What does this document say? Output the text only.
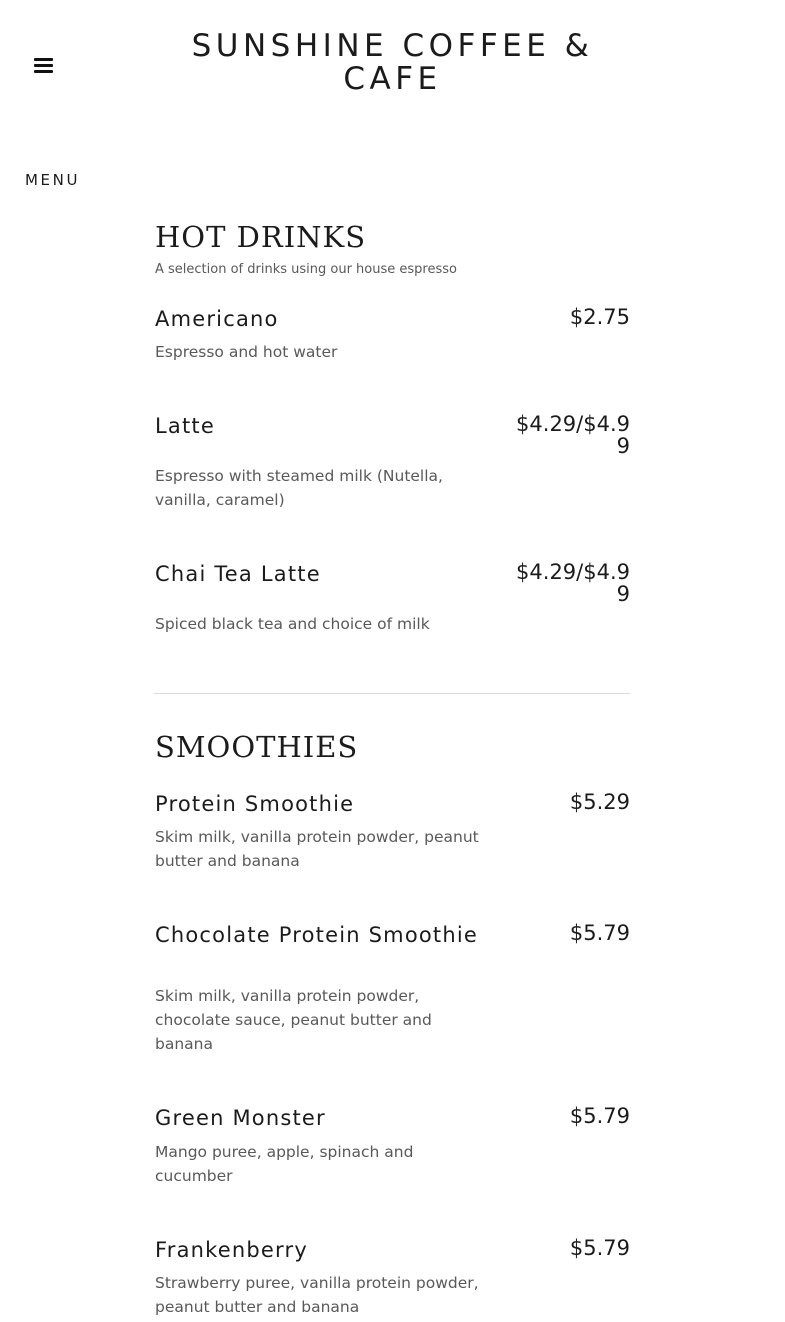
SUNSHINE COFFEE & CAFE
MENU
HOT DRINKS
A selection of drinks using our house espresso
Americano	$2.75
Espresso and hot water
Latte	$4.29/$4.99
Espresso with steamed milk (Nutella, vanilla, caramel)
Chai Tea Latte	$4.29/$4.99
Spiced black tea and choice of milk
SMOOTHIES
Protein Smoothie	$5.29
Skim milk, vanilla protein powder, peanut butter and banana
Chocolate Protein Smoothie	$5.79
Skim milk, vanilla protein powder, chocolate sauce, peanut butter and banana
Green Monster	$5.79
Mango puree, apple, spinach and cucumber
Frankenberry	$5.79
Strawberry puree, vanilla protein powder, peanut butter and banana
